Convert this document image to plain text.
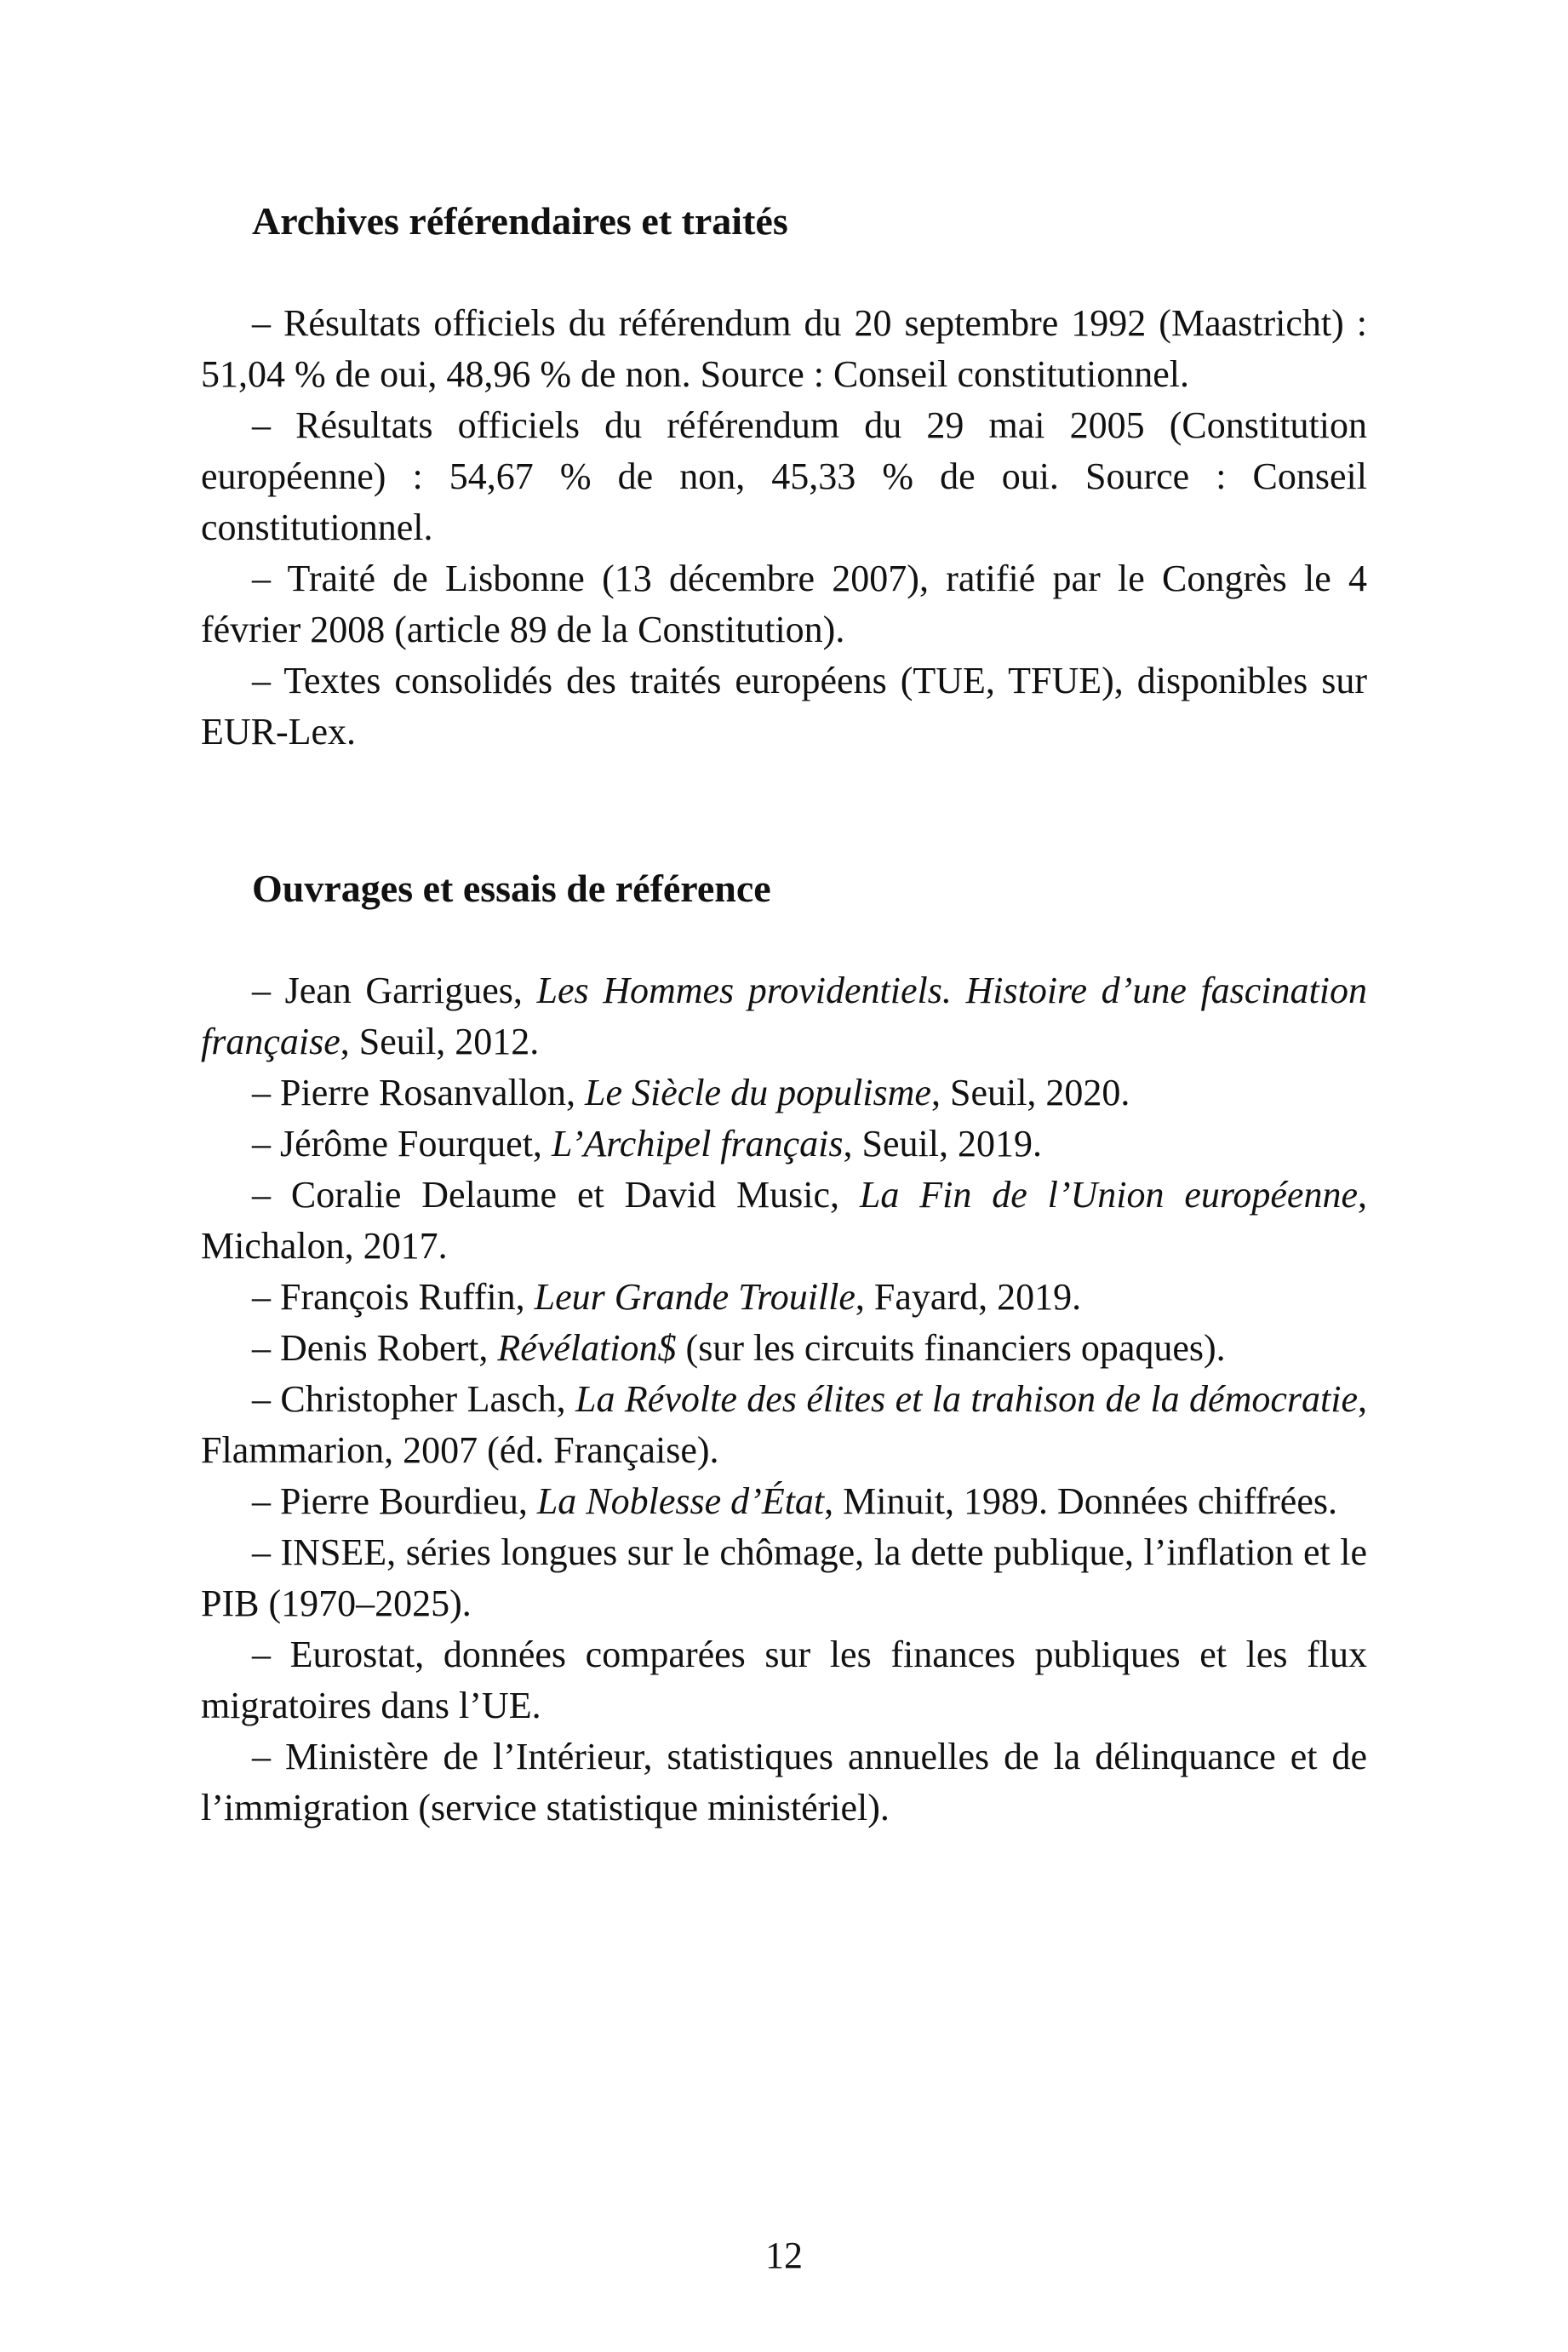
Archives référendaires et traités

– Résultats officiels du référendum du 20 septembre 1992 (Maastricht) : 51,04 % de oui, 48,96 % de non. Source : Conseil constitutionnel.

– Résultats officiels du référendum du 29 mai 2005 (Constitution européenne) : 54,67 % de non, 45,33 % de oui. Source : Conseil constitutionnel.

– Traité de Lisbonne (13 décembre 2007), ratifié par le Congrès le 4 février 2008 (article 89 de la Constitution).

– Textes consolidés des traités européens (TUE, TFUE), disponibles sur EUR-Lex.

Ouvrages et essais de référence

– Jean Garrigues, Les Hommes providentiels. Histoire d’une fascination française, Seuil, 2012.

– Pierre Rosanvallon, Le Siècle du populisme, Seuil, 2020.

– Jérôme Fourquet, L’Archipel français, Seuil, 2019.

– Coralie Delaume et David Music, La Fin de l’Union européenne, Michalon, 2017.

– François Ruffin, Leur Grande Trouille, Fayard, 2019.

– Denis Robert, Révélation$ (sur les circuits financiers opaques).

– Christopher Lasch, La Révolte des élites et la trahison de la démocratie, Flammarion, 2007 (éd. Française).

– Pierre Bourdieu, La Noblesse d’État, Minuit, 1989. Données chiffrées.

– INSEE, séries longues sur le chômage, la dette publique, l’inflation et le PIB (1970–2025).

– Eurostat, données comparées sur les finances publiques et les flux migratoires dans l’UE.

– Ministère de l’Intérieur, statistiques annuelles de la délinquance et de l’immigration (service statistique ministériel).

12
